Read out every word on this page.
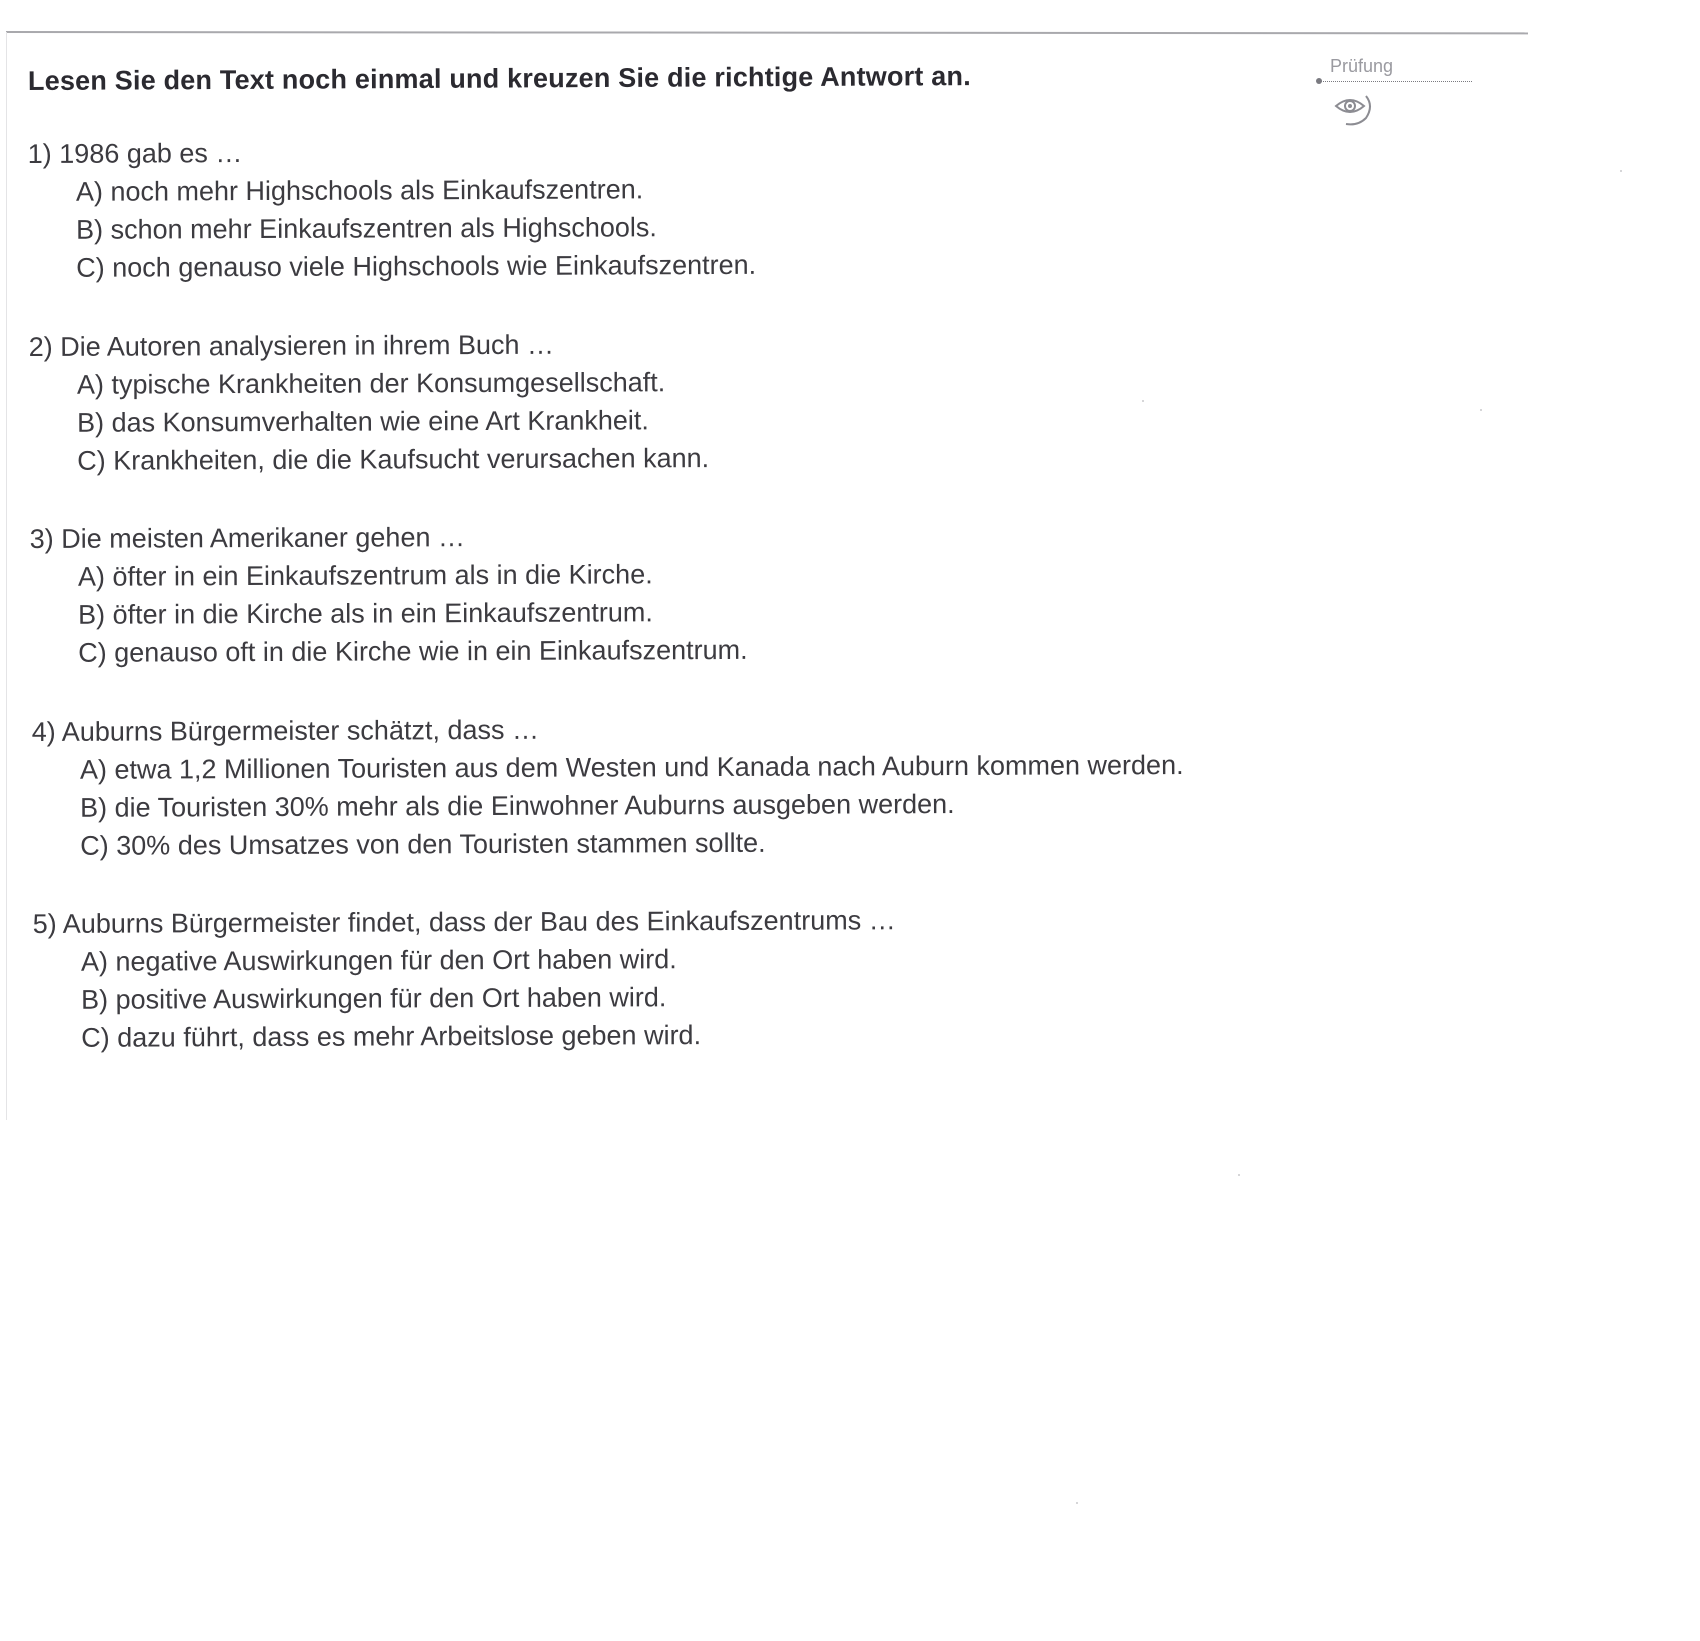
Lesen Sie den Text noch einmal und kreuzen Sie die richtige Antwort an.	Prüfung
1) 1986 gab es …
A) noch mehr Highschools als Einkaufszentren.
B) schon mehr Einkaufszentren als Highschools.
C) noch genauso viele Highschools wie Einkaufszentren.
2) Die Autoren analysieren in ihrem Buch …
A) typische Krankheiten der Konsumgesellschaft.
B) das Konsumverhalten wie eine Art Krankheit.
C) Krankheiten, die die Kaufsucht verursachen kann.
3) Die meisten Amerikaner gehen …
A) öfter in ein Einkaufszentrum als in die Kirche.
B) öfter in die Kirche als in ein Einkaufszentrum.
C) genauso oft in die Kirche wie in ein Einkaufszentrum.
4) Auburns Bürgermeister schätzt, dass …
A) etwa 1,2 Millionen Touristen aus dem Westen und Kanada nach Auburn kommen werden.
B) die Touristen 30% mehr als die Einwohner Auburns ausgeben werden.
C) 30% des Umsatzes von den Touristen stammen sollte.
5) Auburns Bürgermeister findet, dass der Bau des Einkaufszentrums …
A) negative Auswirkungen für den Ort haben wird.
B) positive Auswirkungen für den Ort haben wird.
C) dazu führt, dass es mehr Arbeitslose geben wird.
